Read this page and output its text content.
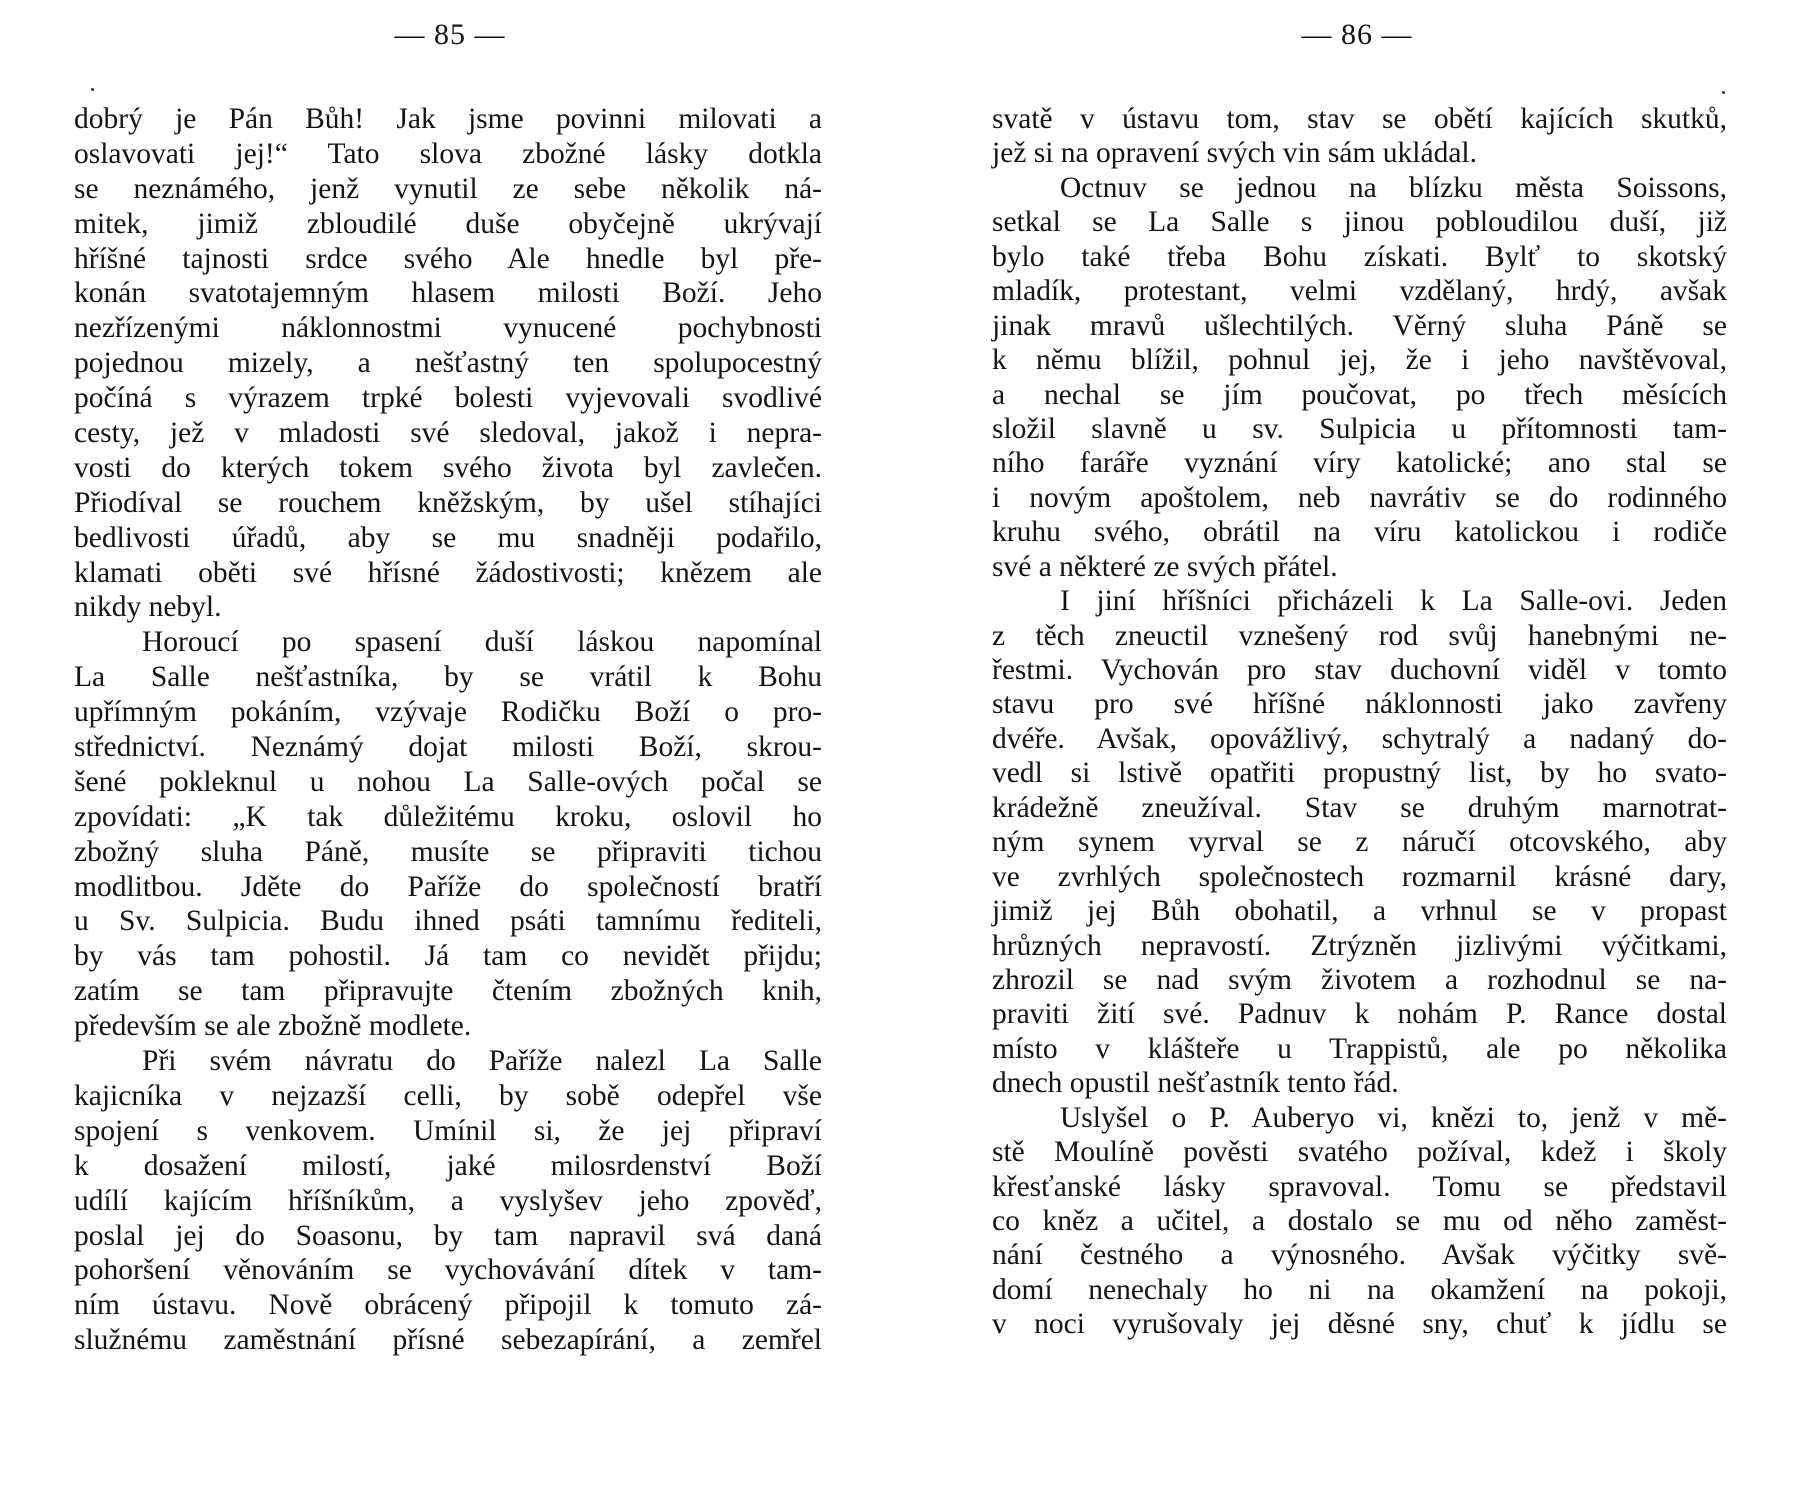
— 85 —	— 86 —
dobrý je Pán Bůh! Jak jsme povinni milovati a
oslavovati jej!“ Tato slova zbožné lásky dotkla
se neznámého, jenž vynutil ze sebe několik ná-
mitek, jimiž zbloudilé duše obyčejně ukrývají
hříšné tajnosti srdce svého Ale hnedle byl pře-
konán svatotajemným hlasem milosti Boží. Jeho
nezřízenými náklonnostmi vynucené pochybnosti
pojednou mizely, a nešťastný ten spolupocestný
počíná s výrazem trpké bolesti vyjevovali svodlivé
cesty, jež v mladosti své sledoval, jakož i nepra-
vosti do kterých tokem svého života byl zavlečen.
Přiodíval se rouchem kněžským, by ušel stíhajíci
bedlivosti úřadů, aby se mu snadněji podařilo,
klamati oběti své hřísné žádostivosti; knězem ale
nikdy nebyl.
Horoucí po spasení duší láskou napomínal
La Salle nešťastníka, by se vrátil k Bohu
upřímným pokáním, vzývaje Rodičku Boží o pro-
střednictví. Neznámý dojat milosti Boží, skrou-
šené pokleknul u nohou La Salle-ových počal se
zpovídati: „K tak důležitému kroku, oslovil ho
zbožný sluha Páně, musíte se připraviti tichou
modlitbou. Jděte do Paříže do společností bratří
u Sv. Sulpicia. Budu ihned psáti tamnímu řediteli,
by vás tam pohostil. Já tam co nevidět přijdu;
zatím se tam připravujte čtením zbožných knih,
především se ale zbožně modlete.
Při svém návratu do Paříže nalezl La Salle
kajicníka v nejzazší celli, by sobě odepřel vše
spojení s venkovem. Umínil si, že jej připraví
k dosažení milostí, jaké milosrdenství Boží
udílí kajícím hříšníkům, a vyslyšev jeho zpověď,
poslal jej do Soasonu, by tam napravil svá daná
pohoršení věnováním se vychovávání dítek v tam-
ním ústavu. Nově obrácený připojil k tomuto zá-
služnému zaměstnání přísné sebezapírání, a zemřel
svatě v ústavu tom, stav se obětí kajících skutků,
jež si na opravení svých vin sám ukládal.
Octnuv se jednou na blízku města Soissons,
setkal se La Salle s jinou pobloudilou duší, již
bylo také třeba Bohu získati. Bylť to skotský
mladík, protestant, velmi vzdělaný, hrdý, avšak
jinak mravů ušlechtilých. Věrný sluha Páně se
k němu blížil, pohnul jej, že i jeho navštěvoval,
a nechal se jím poučovat, po třech měsících
složil slavně u sv. Sulpicia u přítomnosti tam-
ního faráře vyznání víry katolické; ano stal se
i novým apoštolem, neb navrátiv se do rodinného
kruhu svého, obrátil na víru katolickou i rodiče
své a některé ze svých přátel.
I jiní hříšníci přicházeli k La Salle-ovi. Jeden
z těch zneuctil vznešený rod svůj hanebnými ne-
řestmi. Vychován pro stav duchovní viděl v tomto
stavu pro své hříšné náklonnosti jako zavřeny
dvéře. Avšak, opovážlivý, schytralý a nadaný do-
vedl si lstivě opatřiti propustný list, by ho svato-
krádežně zneužíval. Stav se druhým marnotrat-
ným synem vyrval se z náručí otcovského, aby
ve zvrhlých společnostech rozmarnil krásné dary,
jimiž jej Bůh obohatil, a vrhnul se v propast
hrůzných nepravostí. Ztrýzněn jizlivými výčitkami,
zhrozil se nad svým životem a rozhodnul se na-
praviti žití své. Padnuv k nohám P. Rance dostal
místo v klášteře u Trappistů, ale po několika
dnech opustil nešťastník tento řád.
Uslyšel o P. Auberyo vi, knězi to, jenž v mě-
stě Moulíně pověsti svatého požíval, kdež i školy
křesťanské lásky spravoval. Tomu se představil
co kněz a učitel, a dostalo se mu od něho zaměst-
nání čestného a výnosného. Avšak výčitky svě-
domí nenechaly ho ni na okamžení na pokoji,
v noci vyrušovaly jej děsné sny, chuť k jídlu se
